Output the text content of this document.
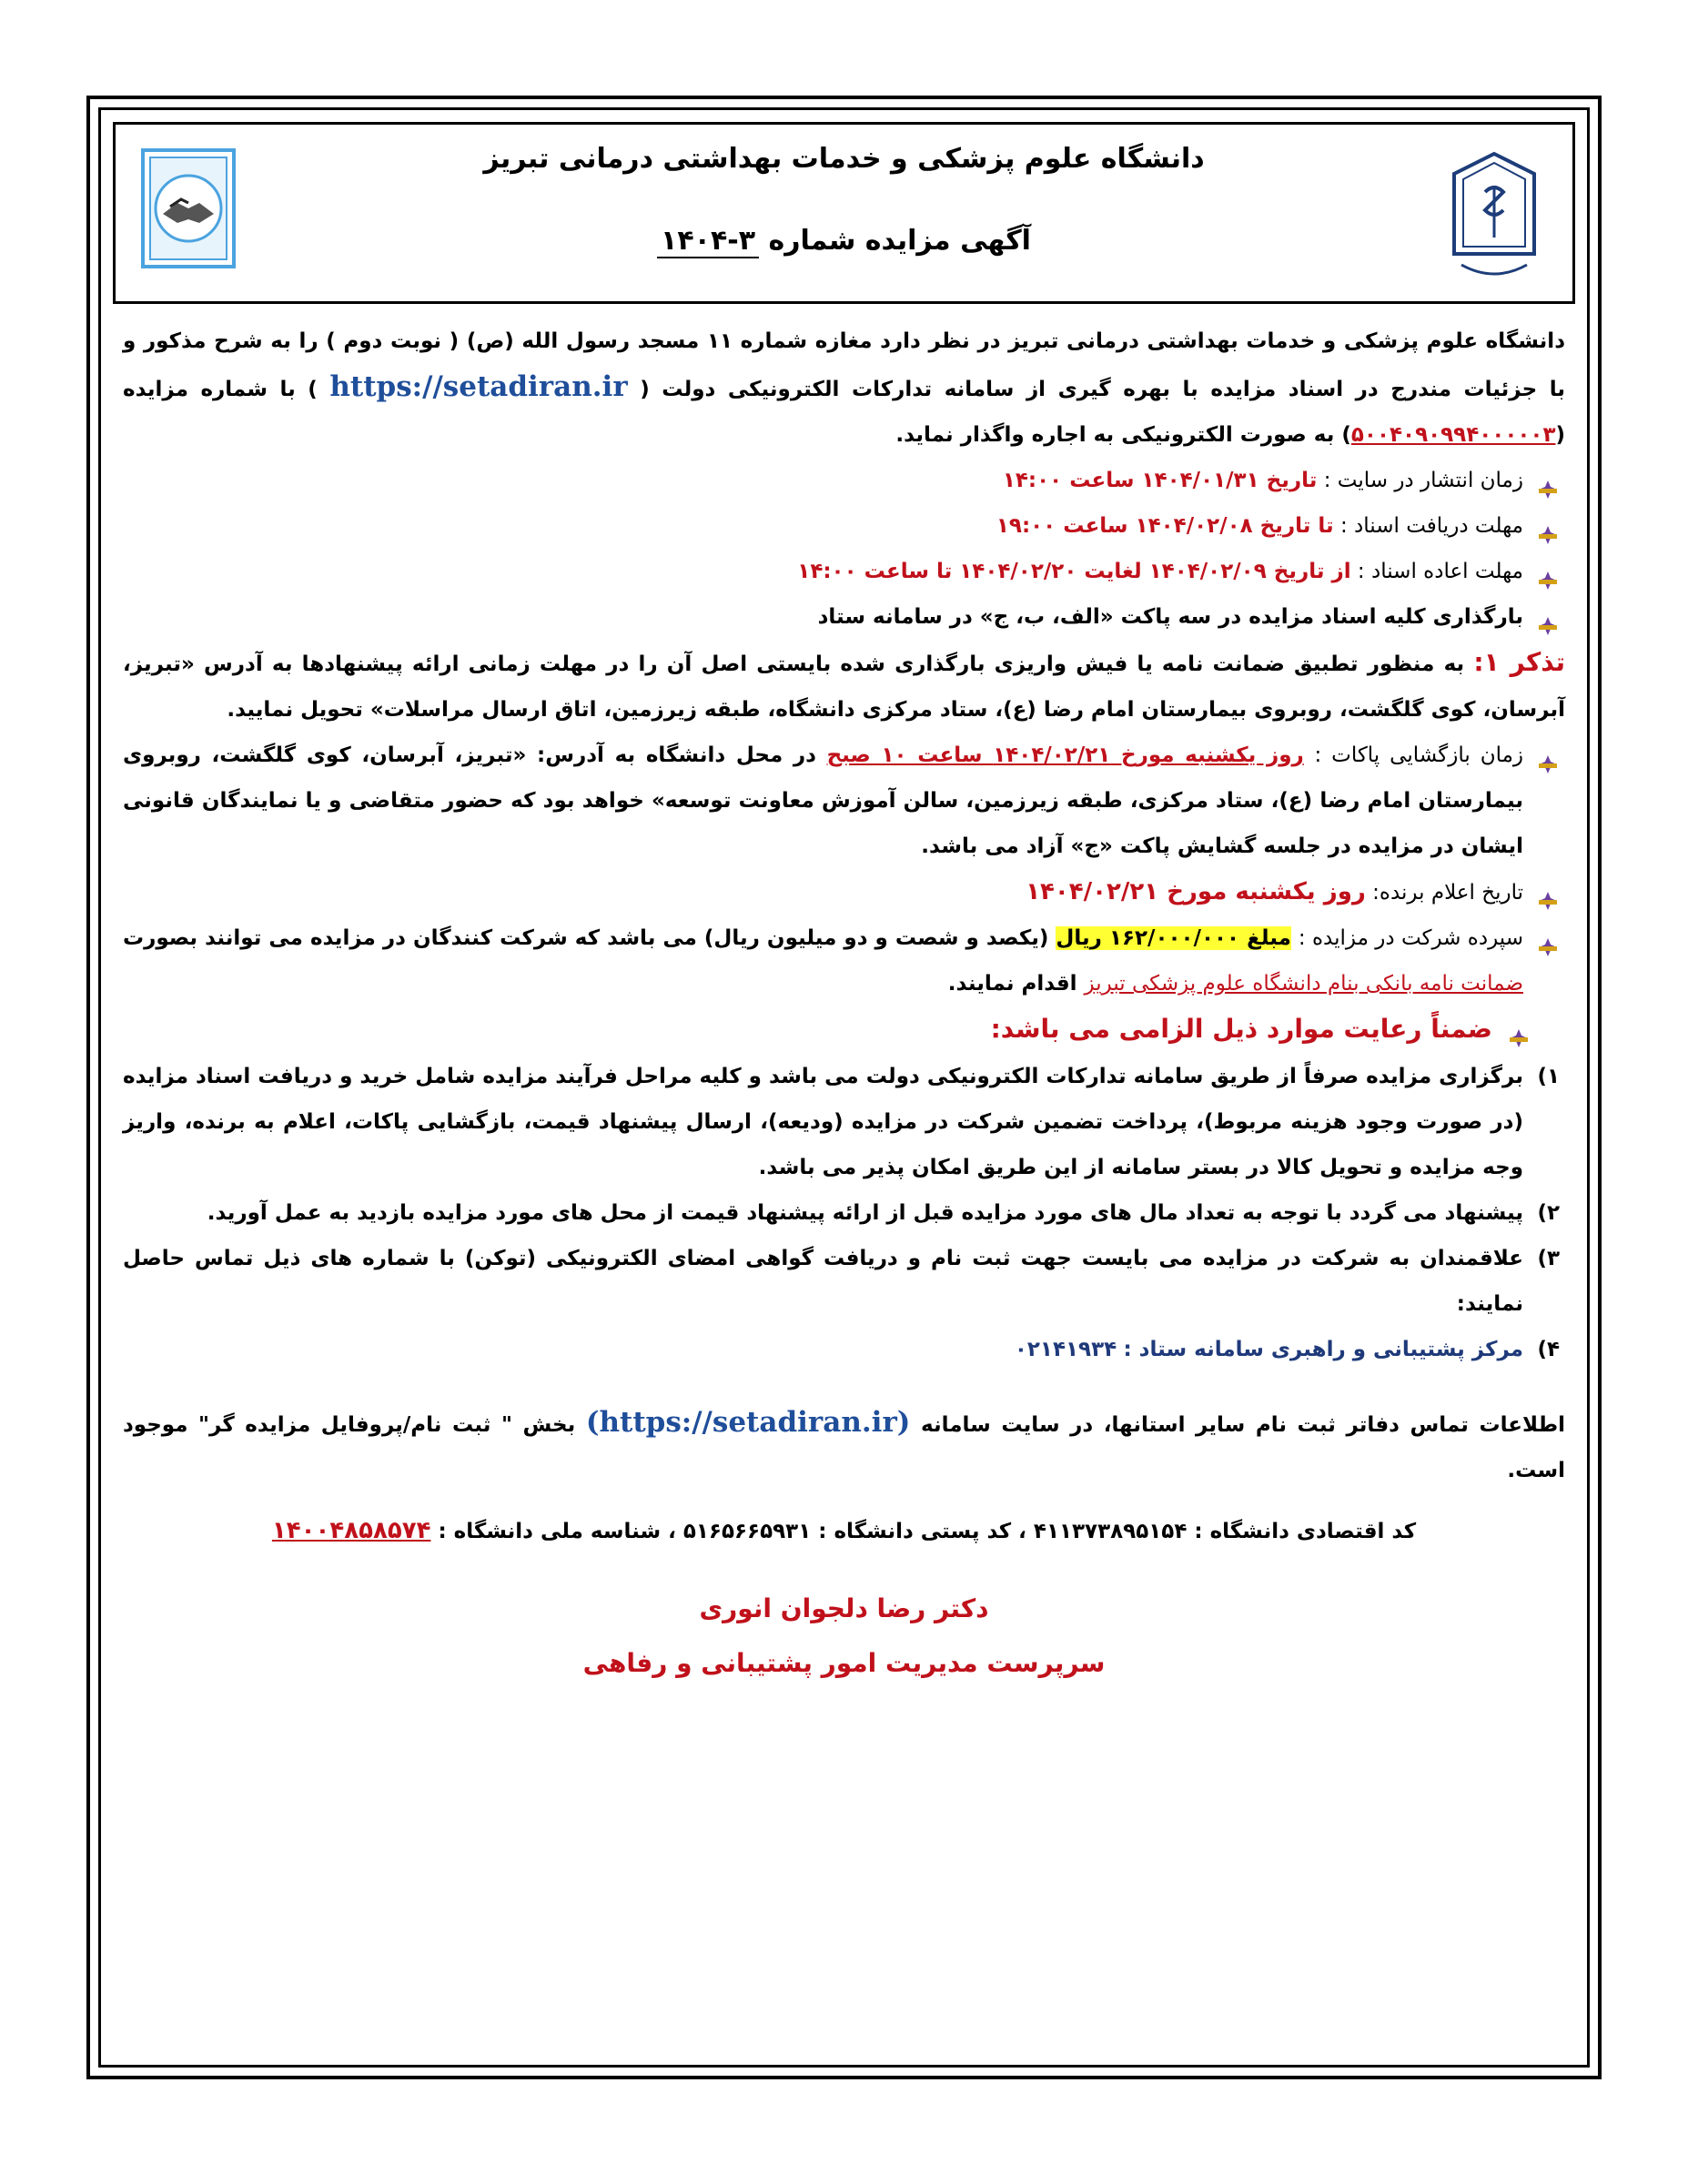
دانشگاه علوم پزشکی و خدمات بهداشتی درمانی تبریز
آگهی مزایده شماره ۳-۱۴۰۴
دانشگاه علوم پزشکی و خدمات بهداشتی درمانی تبریز در نظر دارد مغازه شماره ۱۱ مسجد رسول الله (ص) ( نوبت دوم ) را به شرح مذکور و با جزئیات مندرج در اسناد مزایده با بهره گیری از سامانه تدارکات الکترونیکی دولت ( https://setadiran.ir ) با شماره مزایده (۵۰۰۴۰۹۰۹۹۴۰۰۰۰۰۳) به صورت الکترونیکی به اجاره واگذار نماید.
زمان انتشار در سایت : تاریخ ۱۴۰۴/۰۱/۳۱ ساعت ۱۴:۰۰
مهلت دریافت اسناد : تا تاریخ ۱۴۰۴/۰۲/۰۸ ساعت ۱۹:۰۰
مهلت اعاده اسناد : از تاریخ ۱۴۰۴/۰۲/۰۹ لغایت ۱۴۰۴/۰۲/۲۰ تا ساعت ۱۴:۰۰
بارگذاری کلیه اسناد مزایده در سه پاکت «الف، ب، ج» در سامانه ستاد
تذکر ۱: به منظور تطبیق ضمانت نامه یا فیش واریزی بارگذاری شده بایستی اصل آن را در مهلت زمانی ارائه پیشنهادها به آدرس «تبریز، آبرسان، کوی گلگشت، روبروی بیمارستان امام رضا (ع)، ستاد مرکزی دانشگاه، طبقه زیرزمین، اتاق ارسال مراسلات» تحویل نمایید.
زمان بازگشایی پاکات : روز یکشنبه مورخ ۱۴۰۴/۰۲/۲۱ ساعت ۱۰ صبح در محل دانشگاه به آدرس: «تبریز، آبرسان، کوی گلگشت، روبروی بیمارستان امام رضا (ع)، ستاد مرکزی، طبقه زیرزمین، سالن آموزش معاونت توسعه» خواهد بود که حضور متقاضی و یا نمایندگان قانونی ایشان در مزایده در جلسه گشایش پاکت «ج» آزاد می باشد.
تاریخ اعلام برنده: روز یکشنبه مورخ ۱۴۰۴/۰۲/۲۱
سپرده شرکت در مزایده : مبلغ ۱۶۲/۰۰۰/۰۰۰ ریال (یکصد و شصت و دو میلیون ریال) می باشد که شرکت کنندگان در مزایده می توانند بصورت ضمانت نامه بانکی بنام دانشگاه علوم پزشکی تبریز اقدام نمایند.
ضمناً رعایت موارد ذیل الزامی می باشد:
۱)
برگزاری مزایده صرفاً از طریق سامانه تدارکات الکترونیکی دولت می باشد و کلیه مراحل فرآیند مزایده شامل خرید و دریافت اسناد مزایده (در صورت وجود هزینه مربوط)، پرداخت تضمین شرکت در مزایده (ودیعه)، ارسال پیشنهاد قیمت، بازگشایی پاکات، اعلام به برنده، واریز وجه مزایده و تحویل کالا در بستر سامانه از این طریق امکان پذیر می باشد.
۲)
پیشنهاد می گردد با توجه به تعداد مال های مورد مزایده قبل از ارائه پیشنهاد قیمت از محل های مورد مزایده بازدید به عمل آورید.
۳)
علاقمندان به شرکت در مزایده می بایست جهت ثبت نام و دریافت گواهی امضای الکترونیکی (توکن) با شماره های ذیل تماس حاصل نمایند:
۴)
مرکز پشتیبانی و راهبری سامانه ستاد : ۰۲۱۴۱۹۳۴
اطلاعات تماس دفاتر ثبت نام سایر استانها، در سایت سامانه (https://setadiran.ir) بخش " ثبت نام/پروفایل مزایده گر" موجود است.
کد اقتصادی دانشگاه : ۴۱۱۳۷۳۸۹۵۱۵۴ ، کد پستی دانشگاه : ۵۱۶۵۶۶۵۹۳۱ ، شناسه ملی دانشگاه : ۱۴۰۰۴۸۵۸۵۷۴
دکتر رضا دلجوان انوری
سرپرست مدیریت امور پشتیبانی و رفاهی
